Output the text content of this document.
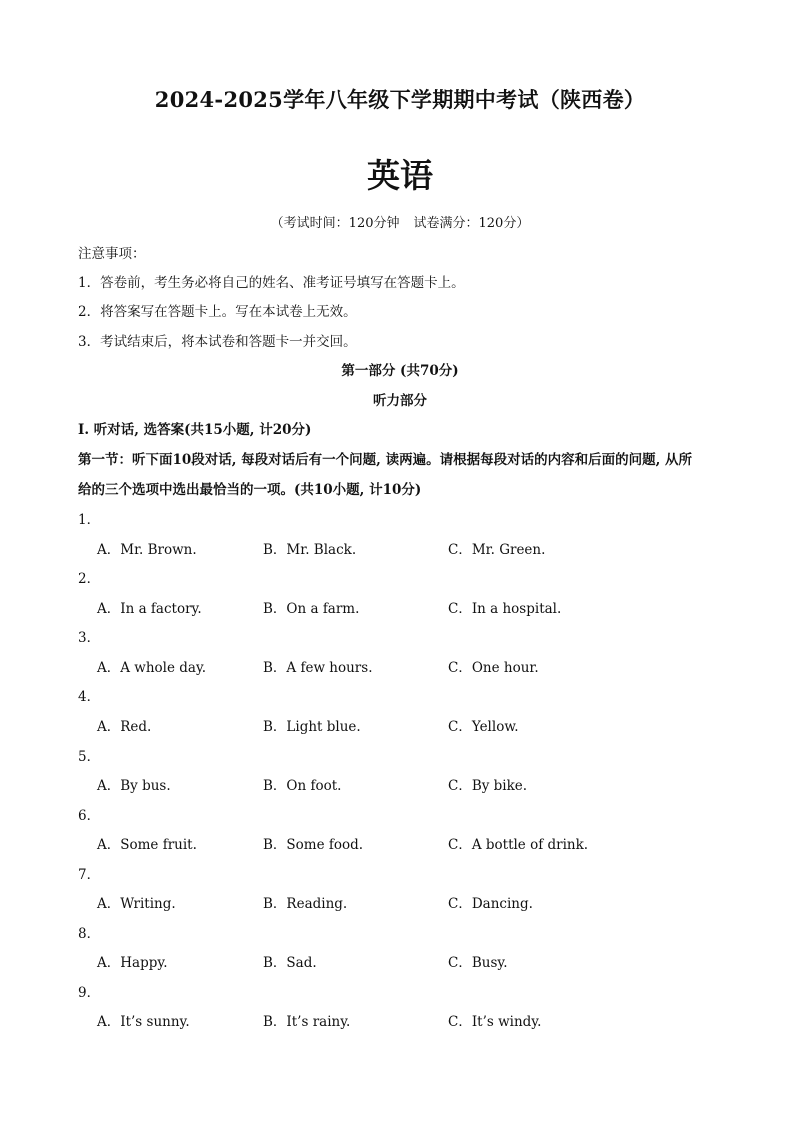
2024-2025学年八年级下学期期中考试（陕西卷）
英语
（考试时间：120分钟 试卷满分：120分）
注意事项：
1．答卷前，考生务必将自己的姓名、准考证号填写在答题卡上。
2．将答案写在答题卡上。写在本试卷上无效。
3．考试结束后，将本试卷和答题卡一并交回。
第一部分 (共70分)
听力部分
I. 听对话, 选答案(共15小题, 计20分)
第一节：听下面10段对话, 每段对话后有一个问题, 读两遍。请根据每段对话的内容和后面的问题, 从所
给的三个选项中选出最恰当的一项。(共10小题, 计10分)
1．
A．Mr. Brown.	B．Mr. Black.	C．Mr. Green.
2．
A．In a factory.	B．On a farm.	C．In a hospital.
3．
A．A whole day.	B．A few hours.	C．One hour.
4．
A．Red.	B．Light blue.	C．Yellow.
5．
A．By bus.	B．On foot.	C．By bike.
6．
A．Some fruit.	B．Some food.	C．A bottle of drink.
7．
A．Writing.	B．Reading.	C．Dancing.
8．
A．Happy.	B．Sad.	C．Busy.
9．
A．It’s sunny.	B．It’s rainy.	C．It’s windy.
